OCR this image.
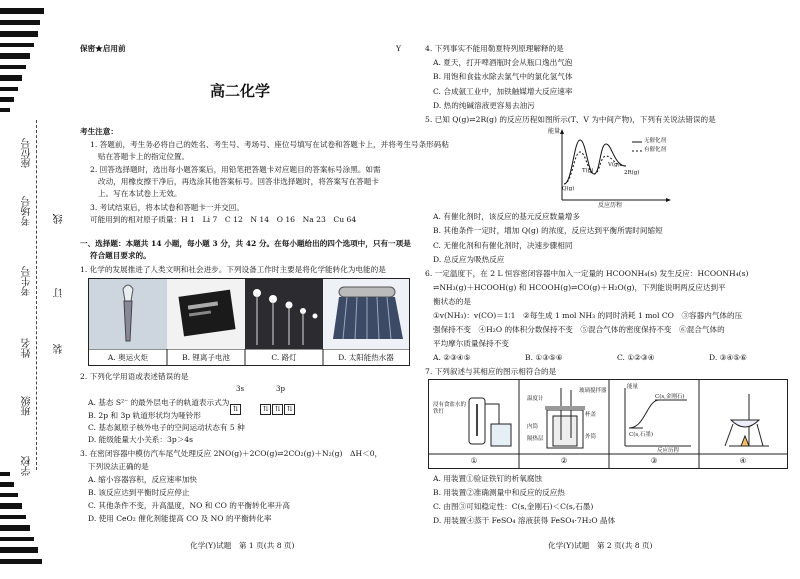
座位号
考场号
考生号
姓名
班级
学校
线
订
装
保密★启用前	Y
高二化学
考生注意：
1. 答题前，考生务必将自己的姓名、考生号、考场号、座位号填写在试卷和答题卡上，并将考生号条形码粘
贴在答题卡上的指定位置。
2. 回答选择题时，选出每小题答案后，用铅笔把答题卡对应题目的答案标号涂黑。如需
改动，用橡皮擦干净后，再选涂其他答案标号。回答非选择题时，将答案写在答题卡
上。写在本试卷上无效。
3. 考试结束后，将本试卷和答题卡一并交回。
可能用到的相对原子质量：H 1　Li 7　C 12　N 14　O 16　Na 23　Cu 64
一、选择题：本题共 14 小题，每小题 3 分，共 42 分。在每小题给出的四个选项中，只有一项是
符合题目要求的。
1. 化学的发展推进了人类文明和社会进步。下列设备工作时主要是将化学能转化为电能的是
A. 奥运火炬	B. 锂离子电池	C. 路灯	D. 太阳能热水器
2. 下列化学用语或表述错误的是
3s	3p
A. 基态 S²⁻ 的最外层电子的轨道表示式为
⇅	⇅ ⇅ ⇅
B. 2p 和 3p 轨道形状均为哑铃形
C. 基态氮原子核外电子的空间运动状态有 5 种
D. 能级能量大小关系：3p＞4s
3. 在密闭容器中模仿汽车尾气处理反应 2NO(g)＋2CO(g)⇌2CO₂(g)＋N₂(g)　ΔH＜0，
下列说法正确的是
A. 缩小容器容积，反应速率加快
B. 该反应达到平衡时反应停止
C. 其他条件不变，升高温度，NO 和 CO 的平衡转化率升高
D. 使用 CeO₂ 催化剂能提高 CO 及 NO 的平衡转化率
化学(Y)试题　第 1 页(共 8 页)
4. 下列事实不能用勒夏特列原理解释的是
A. 夏天，打开啤酒瓶时会从瓶口逸出气泡
B. 用饱和食盐水除去氯气中的氯化氢气体
C. 合成氨工业中，加铁触媒增大反应速率
D. 热的纯碱溶液更容易去油污
5. 已知 Q(g)⇌2R(g) 的反应历程如图所示(T、V 为中间产物)，下列有关说法错误的是
能量
Q(g)
T(g)
V(g)
2R(g)
无催化剂
有催化剂
反应历程
A. 有催化剂时，该反应的基元反应数量增多
B. 其他条件一定时，增加 Q(g) 的浓度，反应达到平衡所需时间缩短
C. 无催化剂和有催化剂时，决速步骤相同
D. 总反应为吸热反应
6. 一定温度下，在 2 L 恒容密闭容器中加入一定量的 HCOONH₄(s) 发生反应：HCOONH₄(s)
⇌NH₃(g)＋HCOOH(g) 和 HCOOH(g)⇌CO(g)＋H₂O(g)，下列能说明两反应达到平
衡状态的是
①v(NH₃)：v(CO)＝1∶1　②每生成 1 mol NH₃ 的同时消耗 1 mol CO　③容器内气体的压
强保持不变　④H₂O 的体积分数保持不变　⑤混合气体的密度保持不变　⑥混合气体的
平均摩尔质量保持不变
A. ②③④⑤	B. ①③⑤⑥	C. ①②③④	D. ③④⑤⑥
7. 下列叙述与其相应的图示相符合的是
浸有食盐水的铁钉
玻璃搅拌器
温度计
杯盖
内筒
隔热层	外筒
能量
C(s,金刚石)
C(s,石墨)
反应历程
①	②	③	④
A. 用装置①验证铁钉的析氧腐蚀
B. 用装置②准确测量中和反应的反应热
C. 由图③可知稳定性：C(s,金刚石)＜C(s,石墨)
D. 用装置④蒸干 FeSO₄ 溶液获得 FeSO₄·7H₂O 晶体
化学(Y)试题　第 2 页(共 8 页)
